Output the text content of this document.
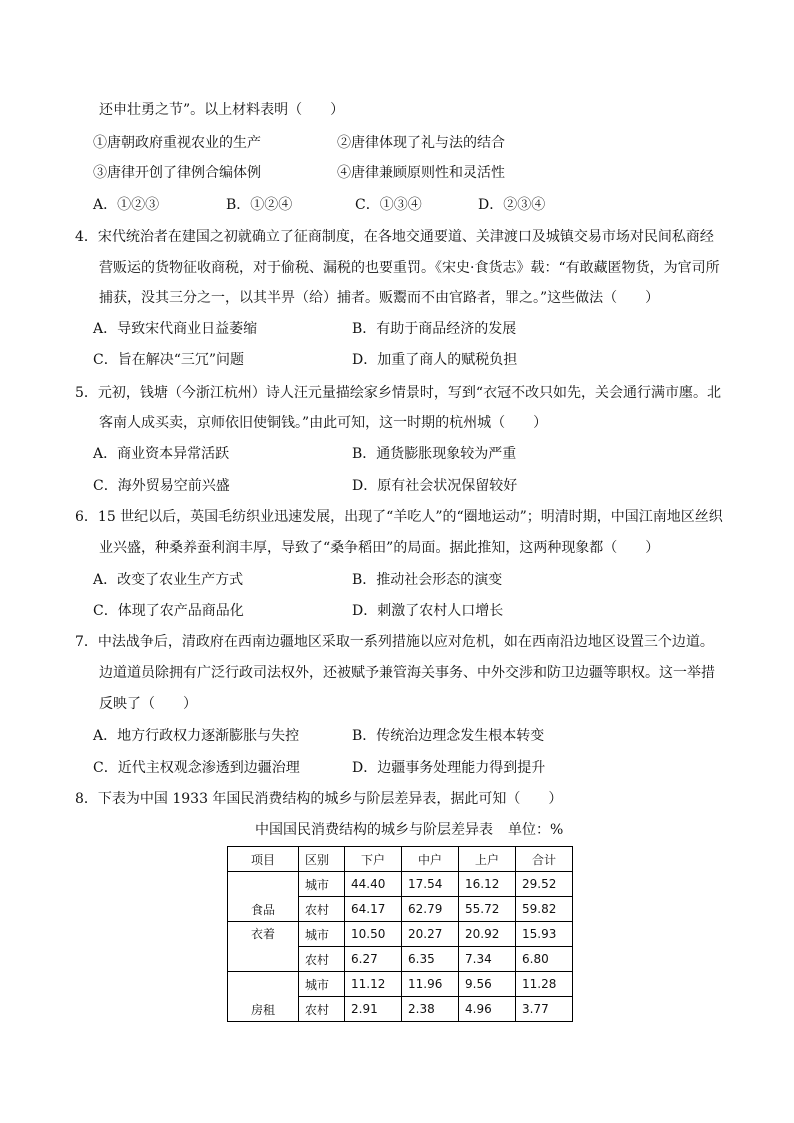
还申壮勇之节”。以上材料表明（　　）
①唐朝政府重视农业的生产	②唐律体现了礼与法的结合
③唐律开创了律例合编体例	④唐律兼顾原则性和灵活性
A．①②③	B．①②④	C．①③④	D．②③④
4．宋代统治者在建国之初就确立了征商制度，在各地交通要道、关津渡口及城镇交易市场对民间私商经
营贩运的货物征收商税，对于偷税、漏税的也要重罚。《宋史·食货志》载：“有敢藏匿物货，为官司所
捕获，没其三分之一，以其半畀（给）捕者。贩鬻而不由官路者，罪之。”这些做法（　　）
A．导致宋代商业日益萎缩	B．有助于商品经济的发展
C．旨在解决“三冗”问题	D．加重了商人的赋税负担
5．元初，钱塘（今浙江杭州）诗人汪元量描绘家乡情景时，写到“衣冠不改只如先，关会通行满市廛。北
客南人成买卖，京师依旧使铜钱。”由此可知，这一时期的杭州城（　　）
A．商业资本异常活跃	B．通货膨胀现象较为严重
C．海外贸易空前兴盛	D．原有社会状况保留较好
6．15 世纪以后，英国毛纺织业迅速发展，出现了“羊吃人”的“圈地运动”；明清时期，中国江南地区丝织
业兴盛，种桑养蚕利润丰厚，导致了“桑争稻田”的局面。据此推知，这两种现象都（　　）
A．改变了农业生产方式	B．推动社会形态的演变
C．体现了农产品商品化	D．刺激了农村人口增长
7．中法战争后，清政府在西南边疆地区采取一系列措施以应对危机，如在西南沿边地区设置三个边道。
边道道员除拥有广泛行政司法权外，还被赋予兼管海关事务、中外交涉和防卫边疆等职权。这一举措
反映了（　　）
A．地方行政权力逐渐膨胀与失控	B．传统治边理念发生根本转变
C．近代主权观念渗透到边疆治理	D．边疆事务处理能力得到提升
8．下表为中国 1933 年国民消费结构的城乡与阶层差异表，据此可知（　　）
中国国民消费结构的城乡与阶层差异表 单位：%
项目	区别	下户	中户	上户	合计
食品	城市	44.40	17.54	16.12	29.52
	农村	64.17	62.79	55.72	59.82
衣着	城市	10.50	20.27	20.92	15.93
	农村	6.27	6.35	7.34	6.80
房租	城市	11.12	11.96	9.56	11.28
	农村	2.91	2.38	4.96	3.77
